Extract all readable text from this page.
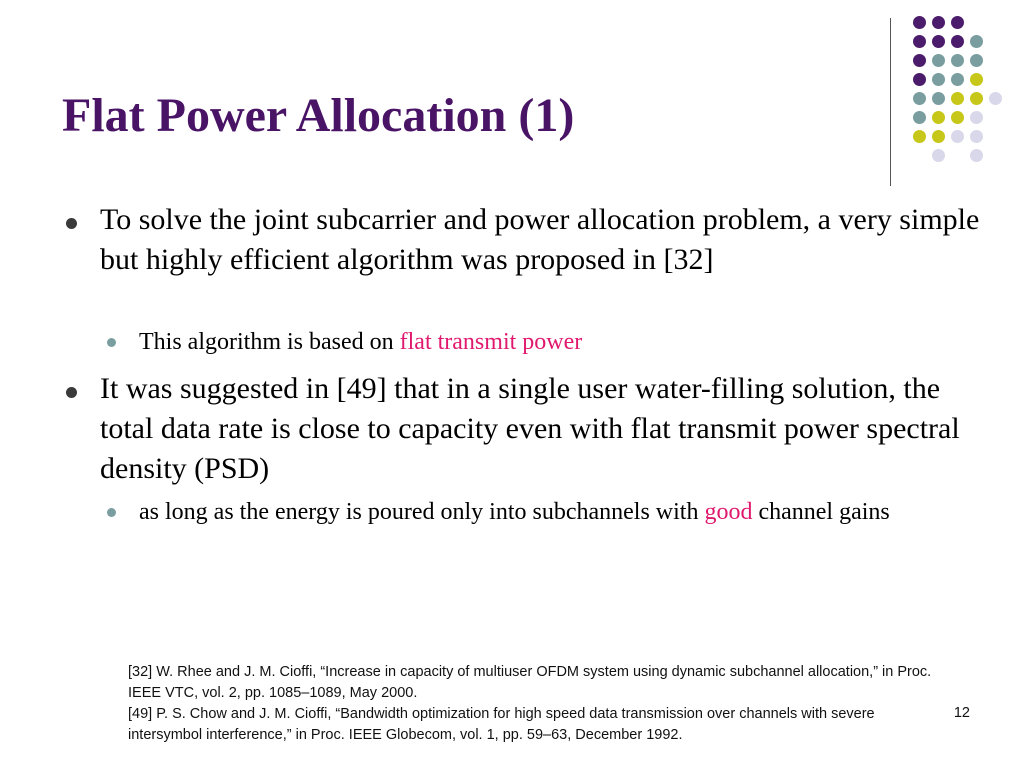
Flat Power Allocation (1)
To solve the joint subcarrier and power allocation problem, a very simple but highly efficient algorithm was proposed in [32]
This algorithm is based on flat transmit power
It was suggested in [49] that in a single user water-filling solution, the total data rate is close to capacity even with flat transmit power spectral density (PSD)
as long as the energy is poured only into subchannels with good channel gains
[32] W. Rhee and J. M. Cioffi, “Increase in capacity of multiuser OFDM system using dynamic subchannel allocation,” in Proc. IEEE VTC, vol. 2, pp. 1085–1089, May 2000.
[49] P. S. Chow and J. M. Cioffi, “Bandwidth optimization for high speed data transmission over channels with severe intersymbol interference,” in Proc. IEEE Globecom, vol. 1, pp. 59–63, December 1992.
12
